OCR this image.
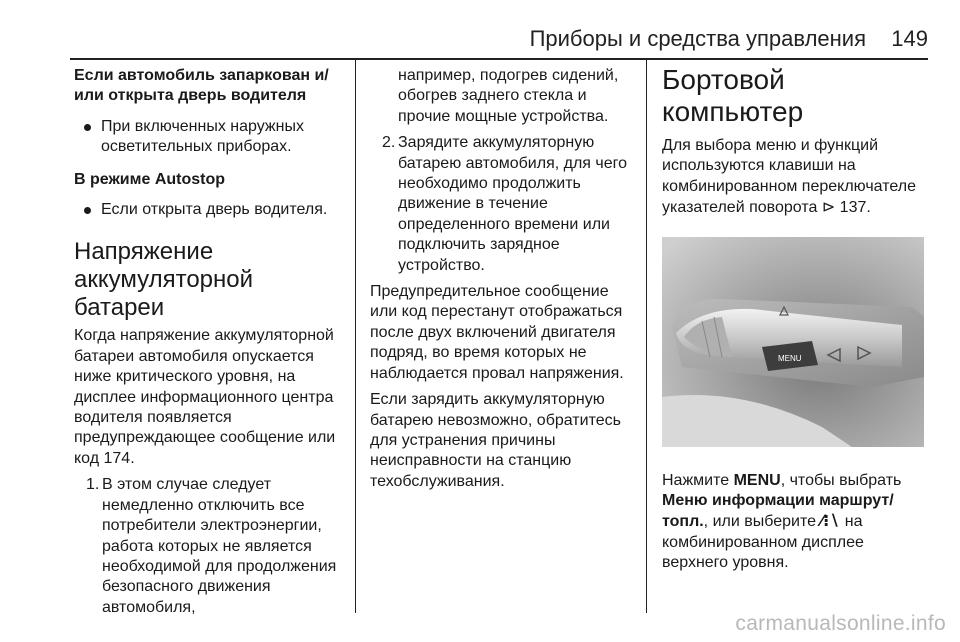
Приборы и средства управления 149

Если автомобиль запаркован и/или открыта дверь водителя

При включенных наружных осветительных приборах.

В режиме Autostop

Если открыта дверь водителя.

Напряжение аккумуляторной батареи

Когда напряжение аккумуляторной батареи автомобиля опускается ниже критического уровня, на дисплее информационного центра водителя появляется предупреждающее сообщение или код 174.

1. В этом случае следует немедленно отключить все потребители электроэнергии, работа которых не является необходимой для продолжения безопасного движения автомобиля,

например, подогрев сидений, обогрев заднего стекла и прочие мощные устройства.

2. Зарядите аккумуляторную батарею автомобиля, для чего необходимо продолжить движение в течение определенного времени или подключить зарядное устройство.

Предупредительное сообщение или код перестанут отображаться после двух включений двигателя подряд, во время которых не наблюдается провал напряжения.

Если зарядить аккумуляторную батарею невозможно, обратитесь для устранения причины неисправности на станцию техобслуживания.

Бортовой компьютер

Для выбора меню и функций используются клавиши на комбинированном переключателе указателей поворота ⊳ 137.

MENU

Нажмите MENU, чтобы выбрать Меню информации маршрут/топл., или выберите ⁄⁝∖ на комбинированном дисплее верхнего уровня.

carmanualsonline.info
